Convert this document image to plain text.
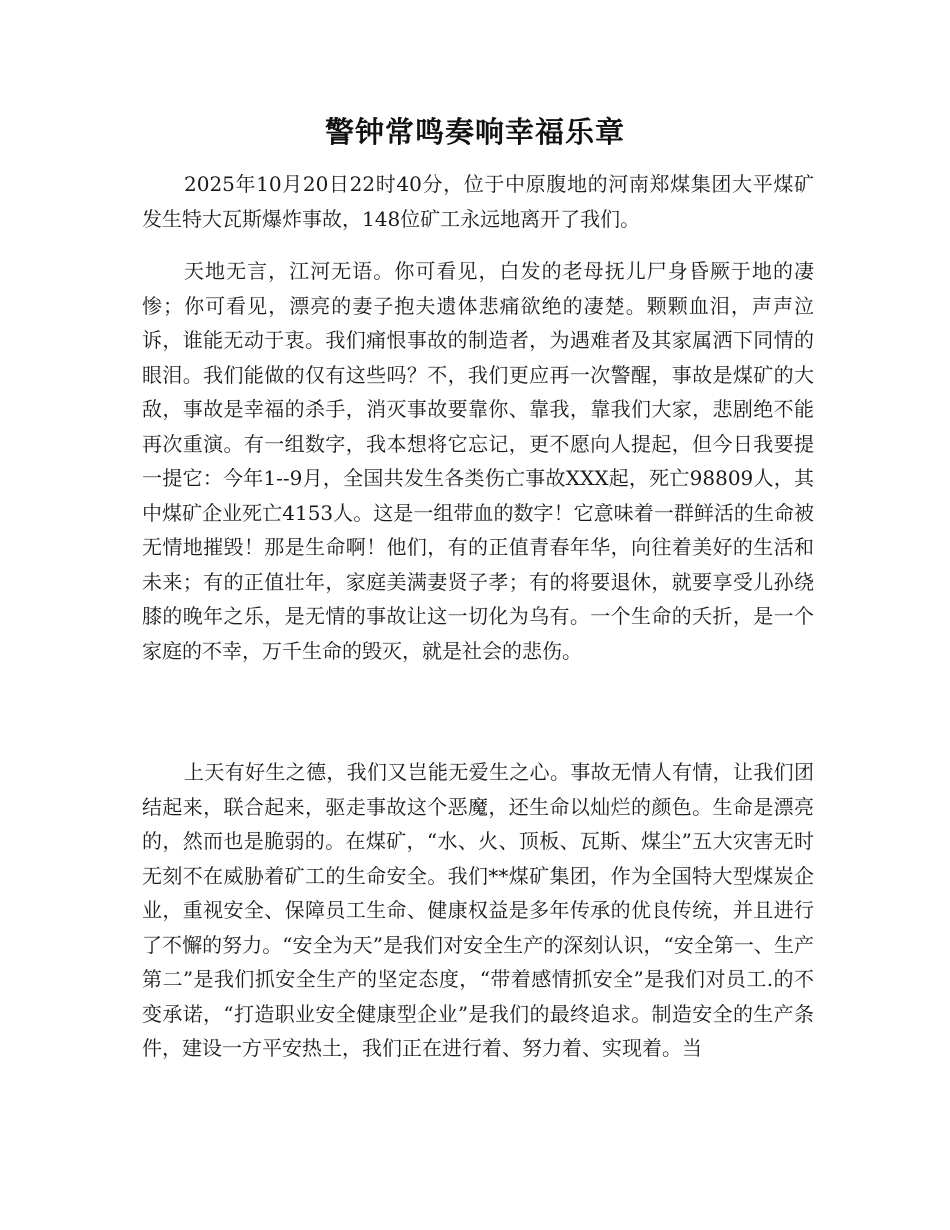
警钟常鸣奏响幸福乐章

2025年10月20日22时40分，位于中原腹地的河南郑煤集团大平煤矿发生特大瓦斯爆炸事故，148位矿工永远地离开了我们。

天地无言，江河无语。你可看见，白发的老母抚儿尸身昏厥于地的凄惨；你可看见，漂亮的妻子抱夫遗体悲痛欲绝的凄楚。颗颗血泪，声声泣诉，谁能无动于衷。我们痛恨事故的制造者，为遇难者及其家属洒下同情的眼泪。我们能做的仅有这些吗？不，我们更应再一次警醒，事故是煤矿的大敌，事故是幸福的杀手，消灭事故要靠你、靠我，靠我们大家，悲剧绝不能再次重演。有一组数字，我本想将它忘记，更不愿向人提起，但今日我要提一提它：今年1--9月，全国共发生各类伤亡事故XXX起，死亡98809人，其中煤矿企业死亡4153人。这是一组带血的数字！它意味着一群鲜活的生命被无情地摧毁！那是生命啊！他们，有的正值青春年华，向往着美好的生活和未来；有的正值壮年，家庭美满妻贤子孝；有的将要退休，就要享受儿孙绕膝的晚年之乐，是无情的事故让这一切化为乌有。一个生命的夭折，是一个家庭的不幸，万千生命的毁灭，就是社会的悲伤。

上天有好生之德，我们又岂能无爱生之心。事故无情人有情，让我们团结起来，联合起来，驱走事故这个恶魔，还生命以灿烂的颜色。生命是漂亮的，然而也是脆弱的。在煤矿，“水、火、顶板、瓦斯、煤尘”五大灾害无时无刻不在威胁着矿工的生命安全。我们**煤矿集团，作为全国特大型煤炭企业，重视安全、保障员工生命、健康权益是多年传承的优良传统，并且进行了不懈的努力。“安全为天”是我们对安全生产的深刻认识，“安全第一、生产第二”是我们抓安全生产的坚定态度，“带着感情抓安全”是我们对员工.的不变承诺，“打造职业安全健康型企业”是我们的最终追求。制造安全的生产条件，建设一方平安热土，我们正在进行着、努力着、实现着。当
